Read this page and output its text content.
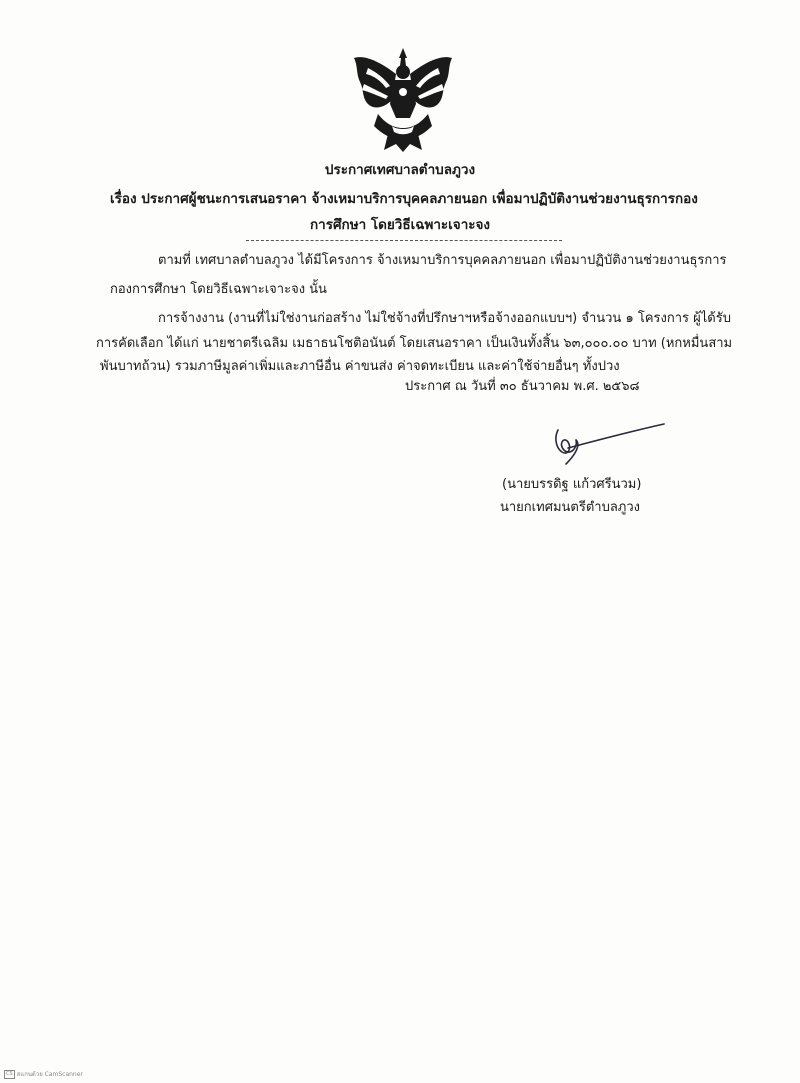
ประกาศเทศบาลตำบลภูวง
เรื่อง ประกาศผู้ชนะการเสนอราคา จ้างเหมาบริการบุคคลภายนอก เพื่อมาปฏิบัติงานช่วยงานธุรการกอง
การศึกษา โดยวิธีเฉพาะเจาะจง
ตามที่ เทศบาลตำบลภูวง ได้มีโครงการ จ้างเหมาบริการบุคคลภายนอก เพื่อมาปฏิบัติงานช่วยงานธุรการ
กองการศึกษา โดยวิธีเฉพาะเจาะจง นั้น
การจ้างงาน (งานที่ไม่ใช่งานก่อสร้าง ไม่ใช่จ้างที่ปรึกษาฯหรือจ้างออกแบบฯ) จำนวน ๑ โครงการ ผู้ได้รับ
การคัดเลือก ได้แก่ นายชาตรีเฉลิม เมธาธนโชติอนันต์ โดยเสนอราคา เป็นเงินทั้งสิ้น ๖๓,๐๐๐.๐๐ บาท (หกหมื่นสาม
พันบาทถ้วน) รวมภาษีมูลค่าเพิ่มและภาษีอื่น ค่าขนส่ง ค่าจดทะเบียน และค่าใช้จ่ายอื่นๆ ทั้งปวง
ประกาศ ณ วันที่ ๓๐ ธันวาคม พ.ศ. ๒๕๖๘
(นายบรรดิฐ แก้วศรีนวม)
นายกเทศมนตรีตำบลภูวง
CS สแกนด้วย CamScanner
